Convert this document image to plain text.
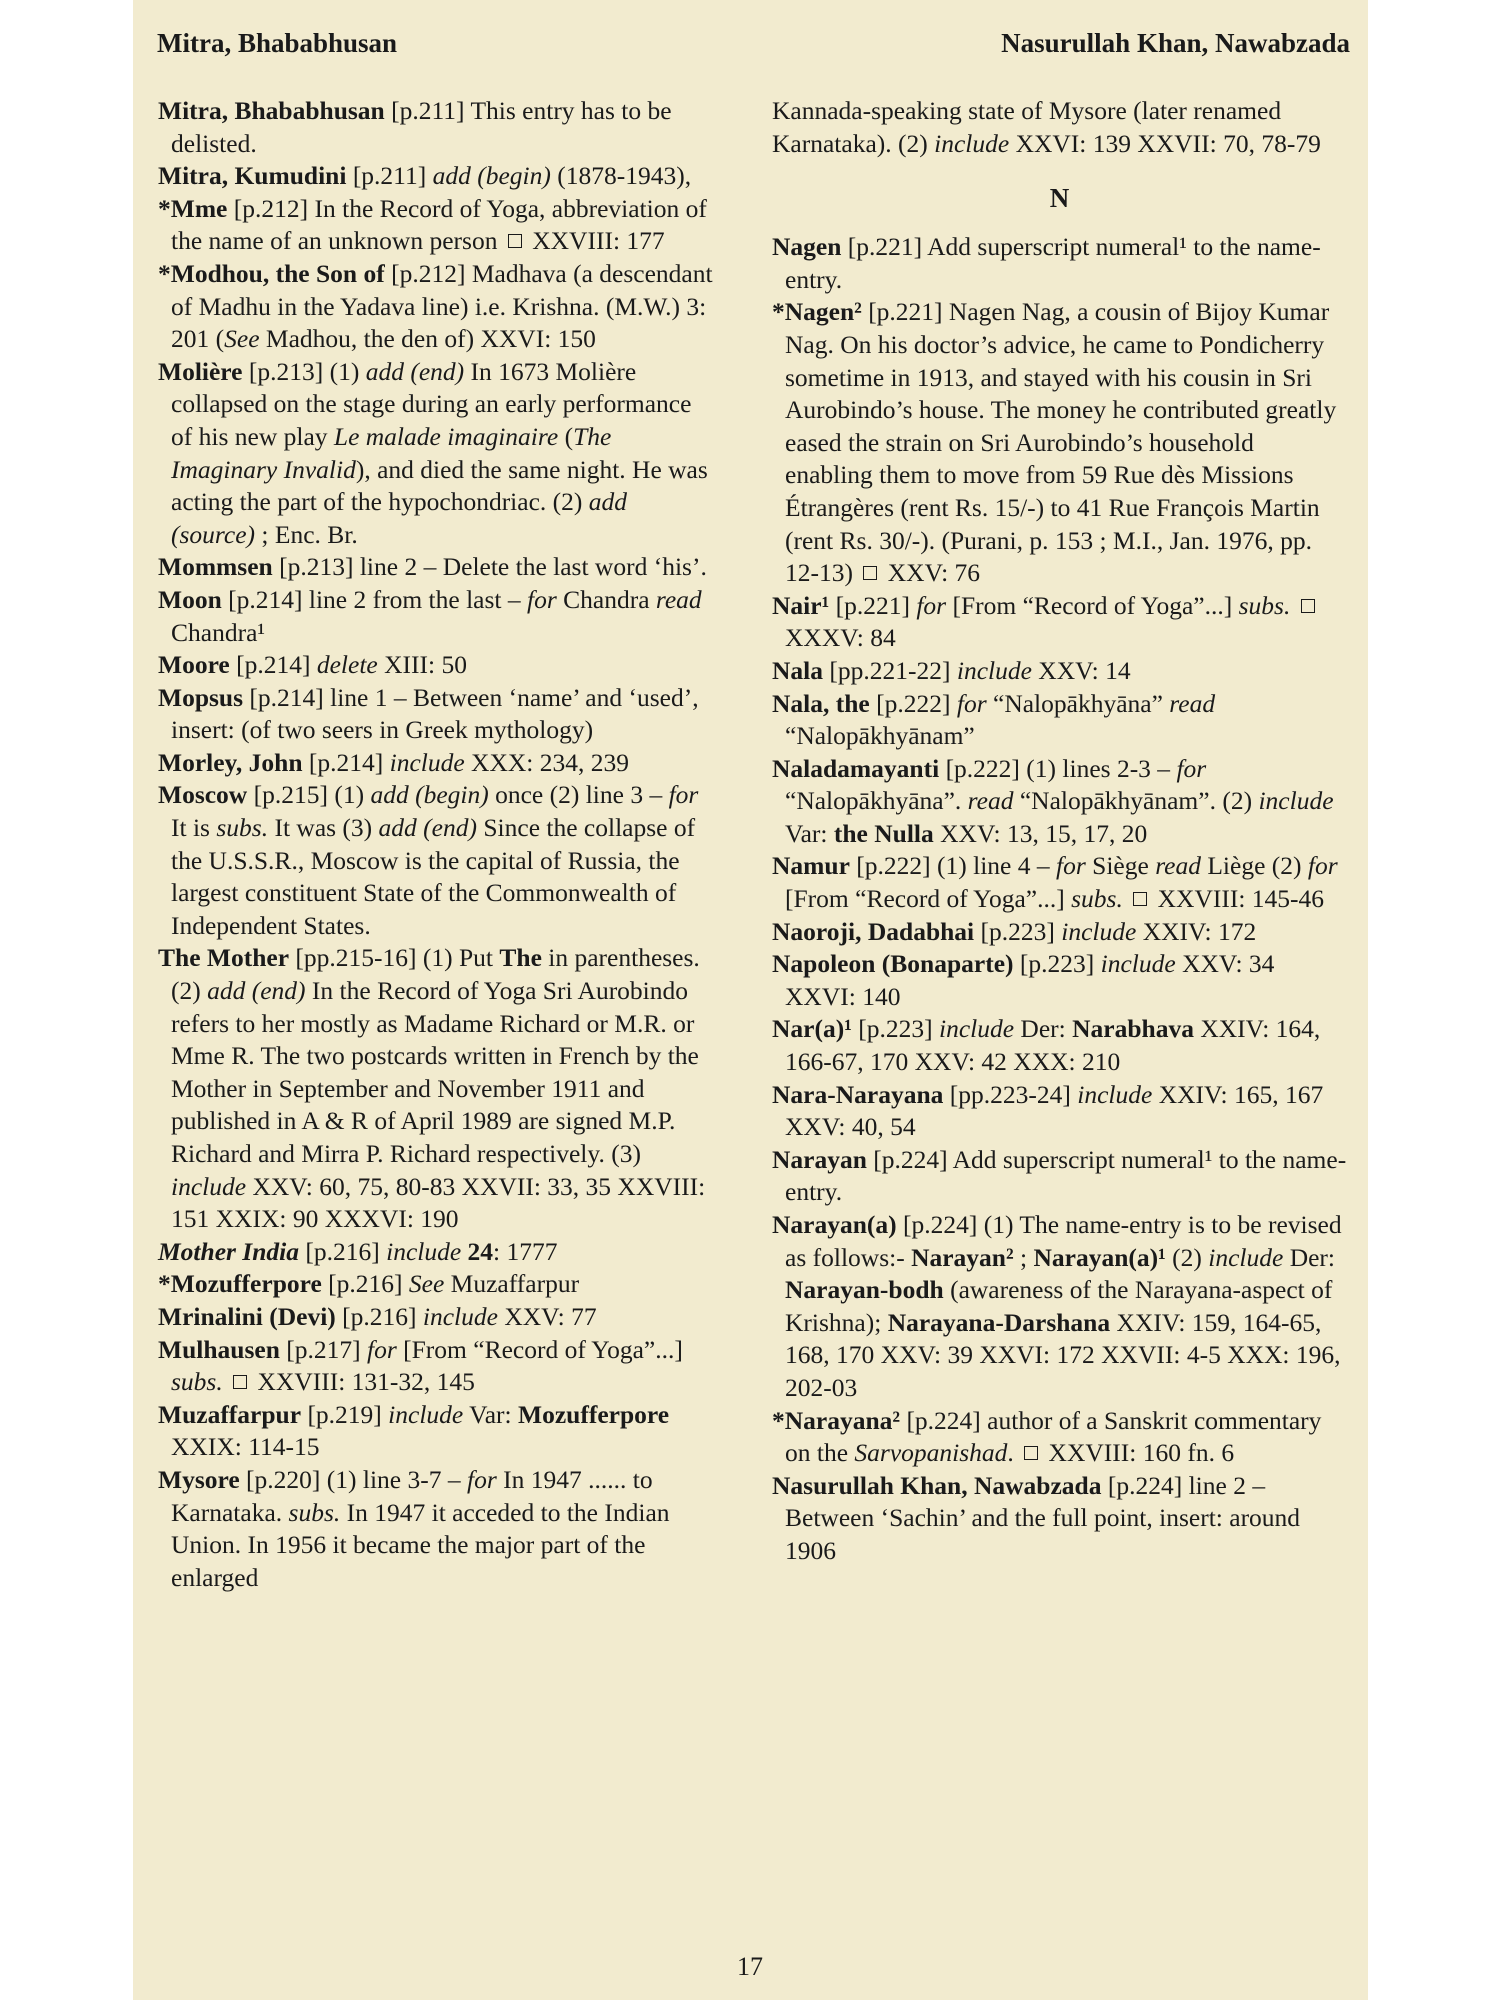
Mitra, Bhababhusan	Nasurullah Khan, Nawabzada
Mitra, Bhababhusan [p.211] This entry has to be delisted.
Mitra, Kumudini [p.211] add (begin) (1878-1943),
*Mme [p.212] In the Record of Yoga, abbreviation of the name of an unknown person  XXVIII: 177
*Modhou, the Son of [p.212] Madhava (a descendant of Madhu in the Yadava line) i.e. Krishna. (M.W.) 3: 201 (See Madhou, the den of) XXVI: 150
Molière [p.213] (1) add (end) In 1673 Molière collapsed on the stage during an early performance of his new play Le malade imaginaire (The Imaginary Invalid), and died the same night. He was acting the part of the hypochondriac. (2) add (source) ; Enc. Br.
Mommsen [p.213] line 2 – Delete the last word ‘his’.
Moon [p.214] line 2 from the last – for Chandra read Chandra¹
Moore [p.214] delete XIII: 50
Mopsus [p.214] line 1 – Between ‘name’ and ‘used’, insert: (of two seers in Greek mythology)
Morley, John [p.214] include XXX: 234, 239
Moscow [p.215] (1) add (begin) once (2) line 3 – for It is subs. It was (3) add (end) Since the collapse of the U.S.S.R., Moscow is the capital of Russia, the largest constituent State of the Commonwealth of Independent States.
The Mother [pp.215-16] (1) Put The in parentheses. (2) add (end) In the Record of Yoga Sri Aurobindo refers to her mostly as Madame Richard or M.R. or Mme R. The two postcards written in French by the Mother in September and November 1911 and published in A & R of April 1989 are signed M.P. Richard and Mirra P. Richard respectively. (3) include XXV: 60, 75, 80-83 XXVII: 33, 35 XXVIII: 151 XXIX: 90 XXXVI: 190
Mother India [p.216] include 24: 1777
*Mozufferpore [p.216] See Muzaffarpur
Mrinalini (Devi) [p.216] include XXV: 77
Mulhausen [p.217] for [From “Record of Yoga”...] subs.  XXVIII: 131-32, 145
Muzaffarpur [p.219] include Var: Mozufferpore XXIX: 114-15
Mysore [p.220] (1) line 3-7 – for In 1947 ...... to Karnataka. subs. In 1947 it acceded to the Indian Union. In 1956 it became the major part of the enlarged
Kannada-speaking state of Mysore (later renamed Karnataka). (2) include XXVI: 139 XXVII: 70, 78-79
N
Nagen [p.221] Add superscript numeral¹ to the name-entry.
*Nagen² [p.221] Nagen Nag, a cousin of Bijoy Kumar Nag. On his doctor’s advice, he came to Pondicherry sometime in 1913, and stayed with his cousin in Sri Aurobindo’s house. The money he contributed greatly eased the strain on Sri Aurobindo’s household enabling them to move from 59 Rue dès Missions Étrangères (rent Rs. 15/-) to 41 Rue François Martin (rent Rs. 30/-). (Purani, p. 153 ; M.I., Jan. 1976, pp. 12-13)  XXV: 76
Nair¹ [p.221] for [From “Record of Yoga”...] subs.  XXXV: 84
Nala [pp.221-22] include XXV: 14
Nala, the [p.222] for “Nalopākhyāna” read “Nalopākhyānam”
Naladamayanti [p.222] (1) lines 2-3 – for “Nalopākhyāna”. read “Nalopākhyānam”. (2) include Var: the Nulla XXV: 13, 15, 17, 20
Namur [p.222] (1) line 4 – for Siège read Liège (2) for [From “Record of Yoga”...] subs.  XXVIII: 145-46
Naoroji, Dadabhai [p.223] include XXIV: 172
Napoleon (Bonaparte) [p.223] include XXV: 34 XXVI: 140
Nar(a)¹ [p.223] include Der: Narabhava XXIV: 164, 166-67, 170 XXV: 42 XXX: 210
Nara-Narayana [pp.223-24] include XXIV: 165, 167 XXV: 40, 54
Narayan [p.224] Add superscript numeral¹ to the name-entry.
Narayan(a) [p.224] (1) The name-entry is to be revised as follows:- Narayan² ; Narayan(a)¹ (2) include Der: Narayan-bodh (awareness of the Narayana-aspect of Krishna); Narayana-Darshana XXIV: 159, 164-65, 168, 170 XXV: 39 XXVI: 172 XXVII: 4-5 XXX: 196, 202-03
*Narayana² [p.224] author of a Sanskrit commentary on the Sarvopanishad.  XXVIII: 160 fn. 6
Nasurullah Khan, Nawabzada [p.224] line 2 – Between ‘Sachin’ and the full point, insert: around 1906
17
